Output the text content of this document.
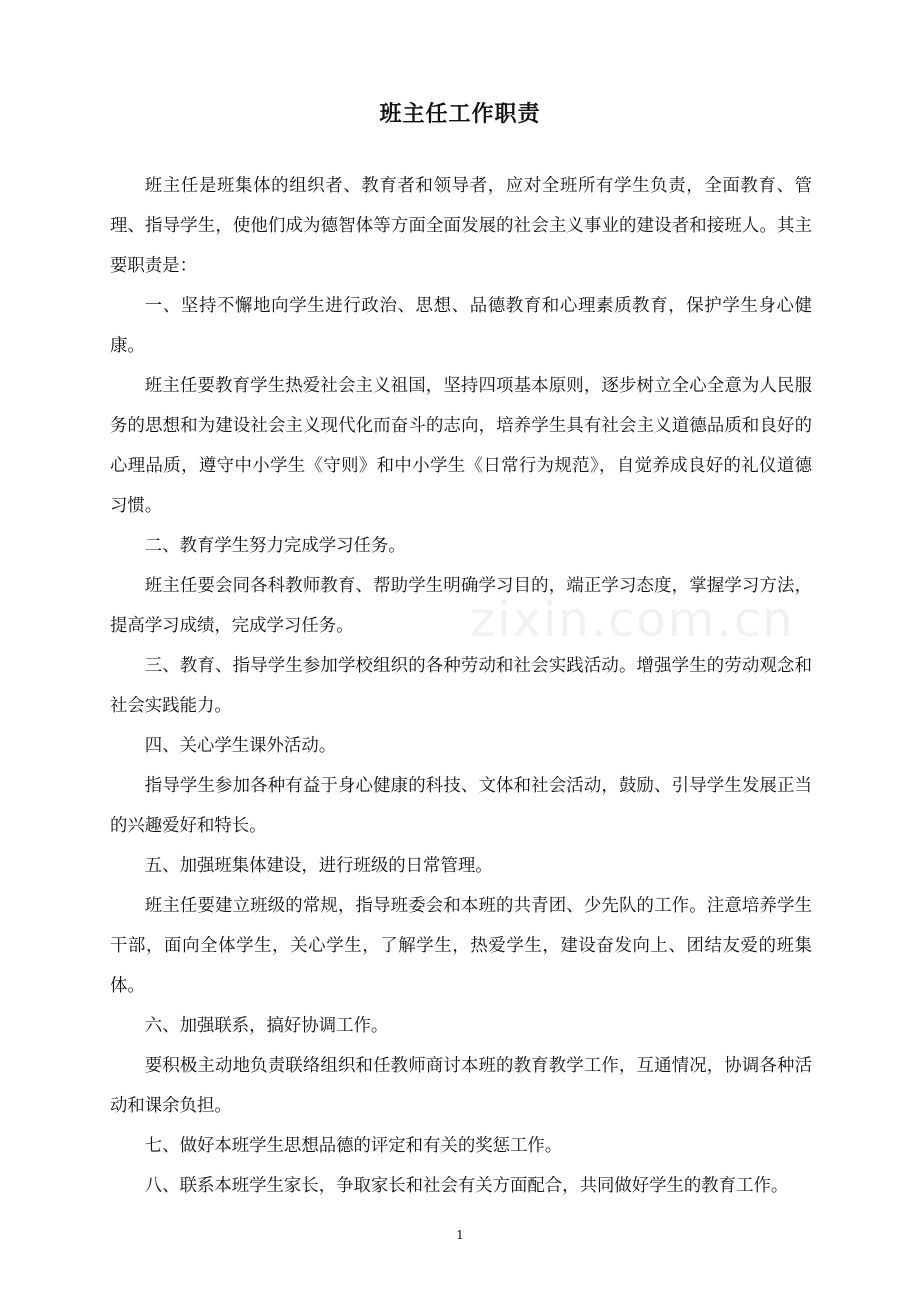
班主任工作职责

班主任是班集体的组织者、教育者和领导者，应对全班所有学生负责，全面教育、管理、指导学生，使他们成为德智体等方面全面发展的社会主义事业的建设者和接班人。其主要职责是：

一、坚持不懈地向学生进行政治、思想、品德教育和心理素质教育，保护学生身心健康。

班主任要教育学生热爱社会主义祖国，坚持四项基本原则，逐步树立全心全意为人民服务的思想和为建设社会主义现代化而奋斗的志向，培养学生具有社会主义道德品质和良好的心理品质，遵守中小学生《守则》和中小学生《日常行为规范》，自觉养成良好的礼仪道德习惯。

二、教育学生努力完成学习任务。

班主任要会同各科教师教育、帮助学生明确学习目的，端正学习态度，掌握学习方法，提高学习成绩，完成学习任务。

三、教育、指导学生参加学校组织的各种劳动和社会实践活动。增强学生的劳动观念和社会实践能力。

四、关心学生课外活动。

指导学生参加各种有益于身心健康的科技、文体和社会活动，鼓励、引导学生发展正当的兴趣爱好和特长。

五、加强班集体建设，进行班级的日常管理。

班主任要建立班级的常规，指导班委会和本班的共青团、少先队的工作。注意培养学生干部，面向全体学生，关心学生，了解学生，热爱学生，建设奋发向上、团结友爱的班集体。

六、加强联系，搞好协调工作。

要积极主动地负责联络组织和任教师商讨本班的教育教学工作，互通情况，协调各种活动和课余负担。

七、做好本班学生思想品德的评定和有关的奖惩工作。

八、联系本班学生家长，争取家长和社会有关方面配合，共同做好学生的教育工作。

zixin.com.cn
1
